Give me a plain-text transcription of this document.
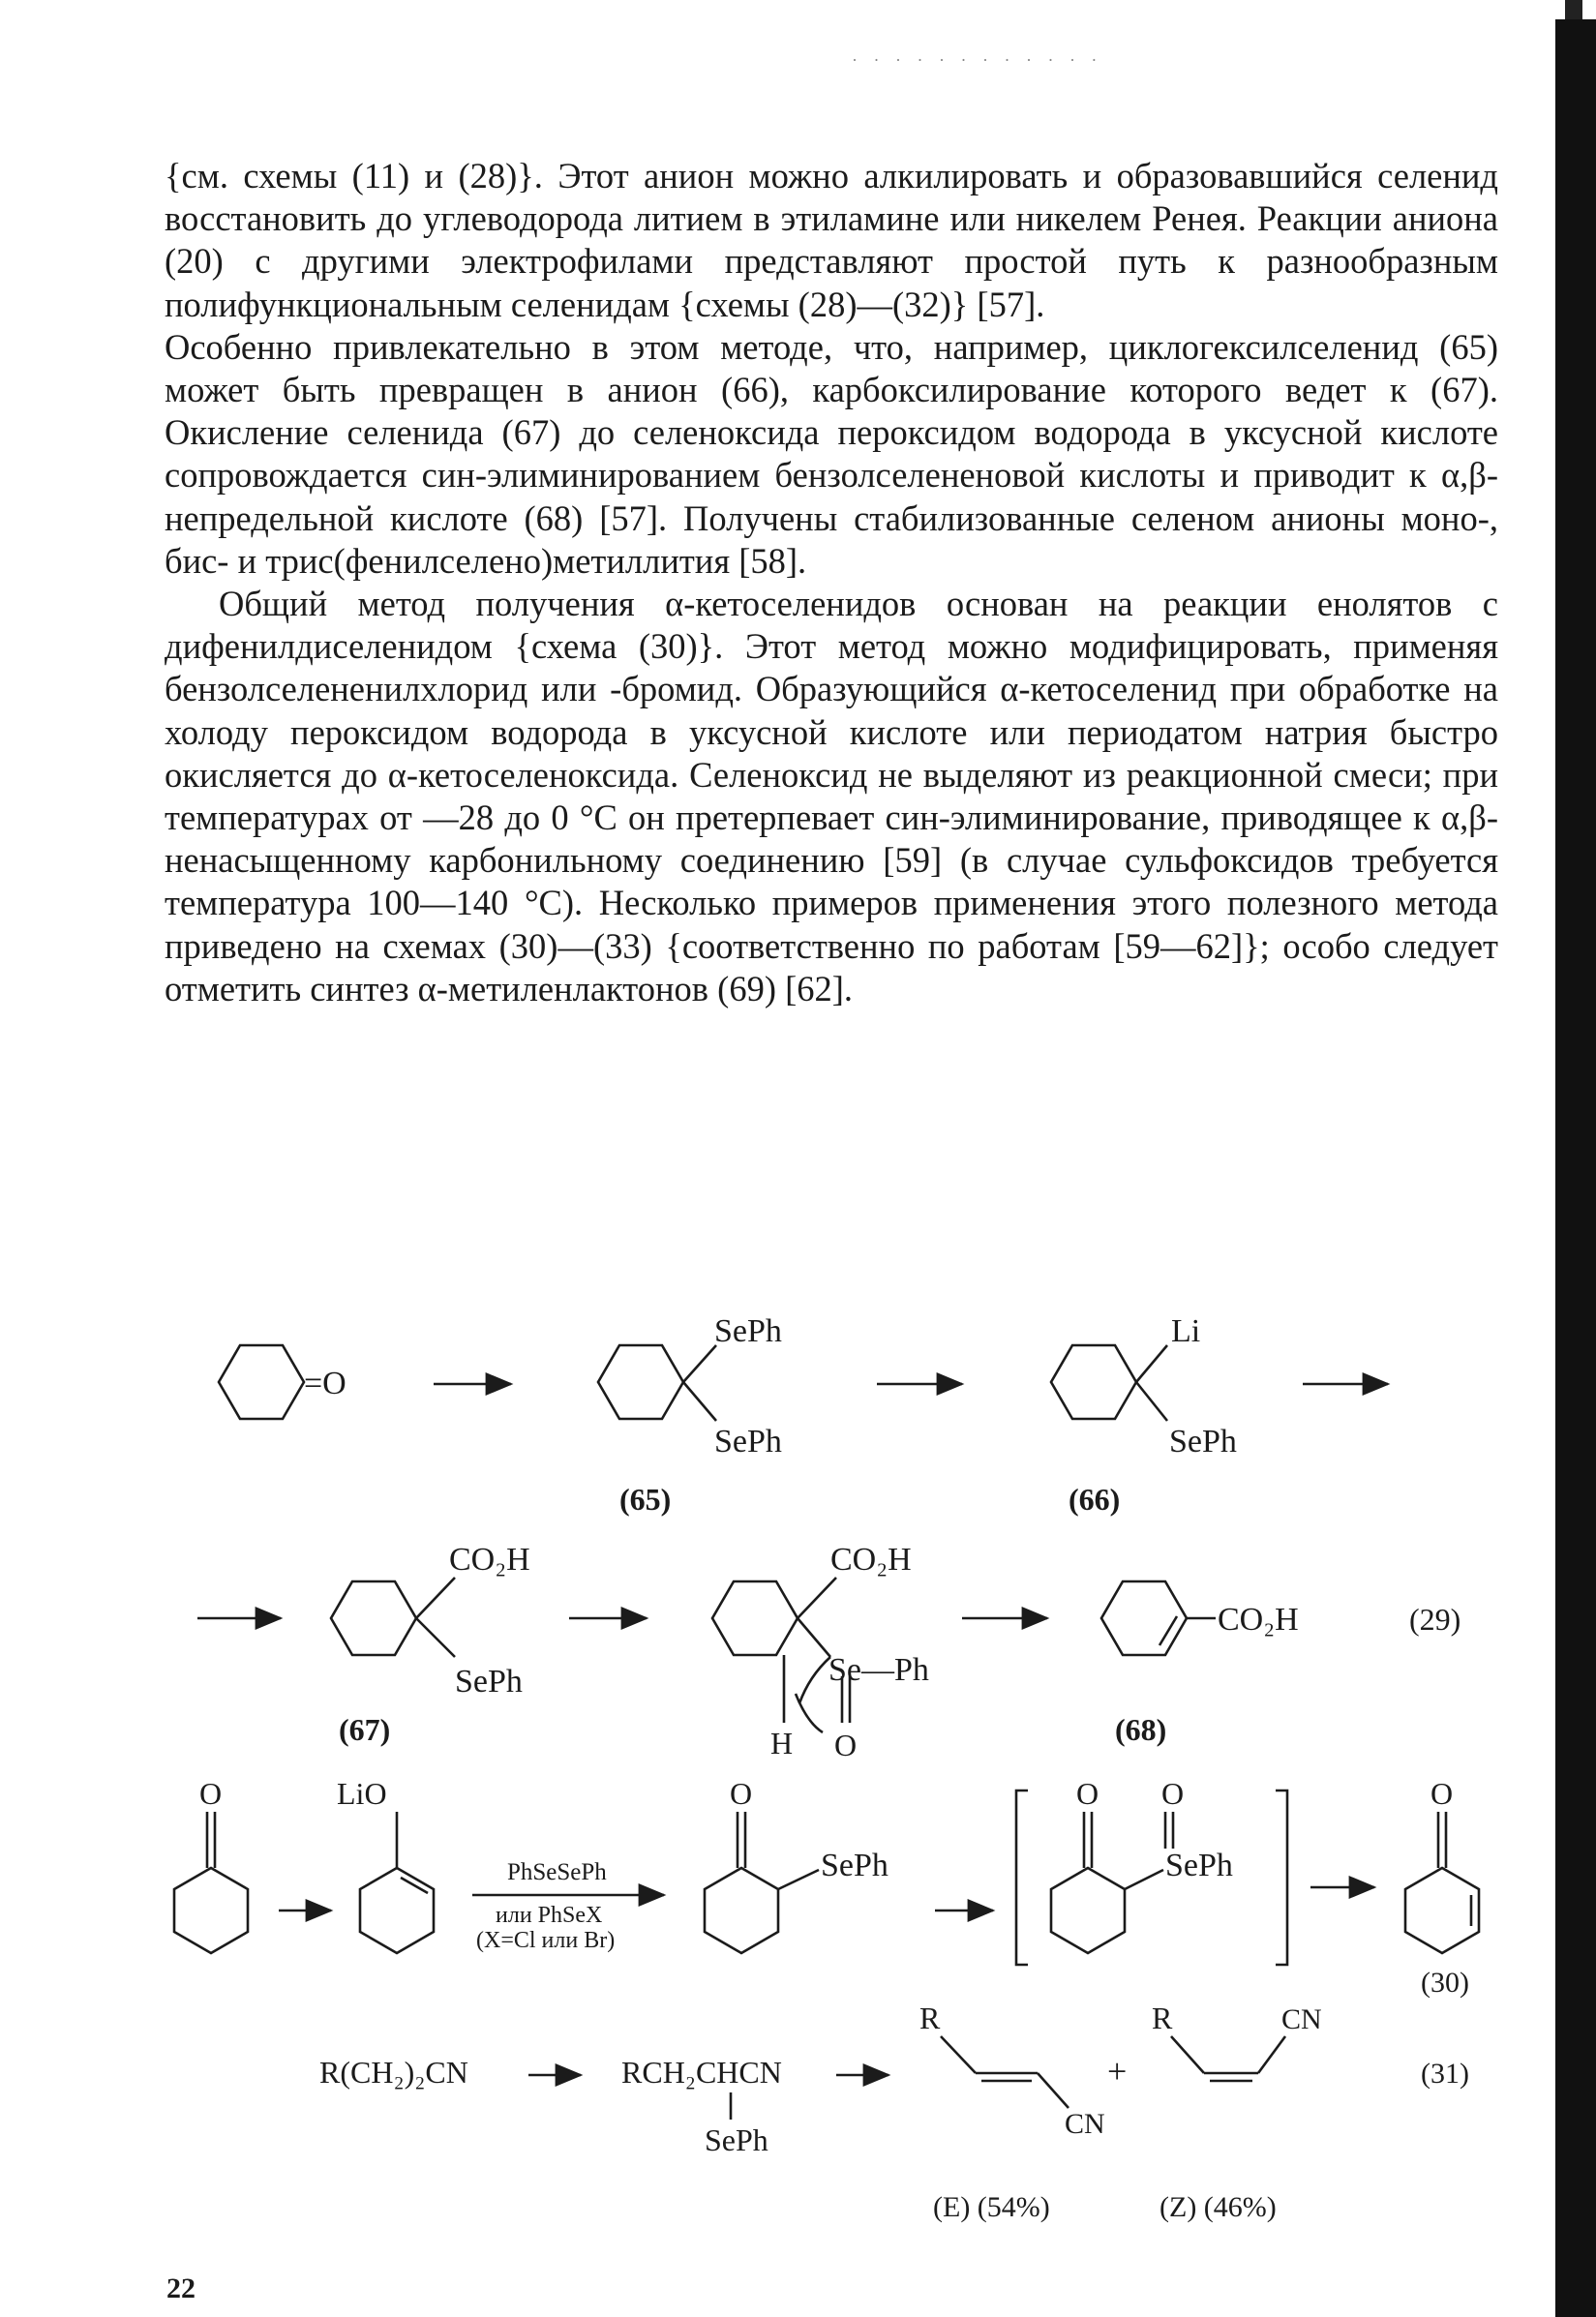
· · · · · · · · · · · ·

{см. схемы (11) и (28)}. Этот анион можно алкилировать и образовавшийся селенид восстановить до углеводорода литием в этиламине или никелем Ренея. Реакции аниона (20) с другими электрофилами представляют простой путь к разнообразным полифункциональным селенидам {схемы (28)—(32)} [57].

Особенно привлекательно в этом методе, что, например, циклогексилселенид (65) может быть превращен в анион (66), карбоксилирование которого ведет к (67). Окисление селенида (67) до селеноксида пероксидом водорода в уксусной кислоте сопровождается син-элиминированием бензолселененовой кислоты и приводит к α,β-непредельной кислоте (68) [57]. Получены стабилизованные селеном анионы моно-, бис- и трис(фенилселено)метиллития [58].

Общий метод получения α-кетоселенидов основан на реакции енолятов с дифенилдиселенидом {схема (30)}. Этот метод можно модифицировать, применяя бензолселененилхлорид или -бромид. Образующийся α-кетоселенид при обработке на холоду пероксидом водорода в уксусной кислоте или периодатом натрия быстро окисляется до α-кетоселеноксида. Селеноксид не выделяют из реакционной смеси; при температурах от —28 до 0 °С он претерпевает син-элиминирование, приводящее к α,β-ненасыщенному карбонильному соединению [59] (в случае сульфоксидов требуется температура 100—140 °С). Несколько примеров применения этого полезного метода приведено на схемах (30)—(33) {соответственно по работам [59—62]}; особо следует отметить синтез α-метиленлактонов (69) [62].

=O
SePh
SePh
(65)
Li
SePh
(66)
CO₂H
SePh
(67)
CO₂H
Se—Ph
H O
CO₂H
(68)
(29)
O	LiO
PhSeSePh
или PhSeX
(X=Cl или Br)
O
SePh
O O
SePh
O
(30)
R(CH₂)₂CN	RCH₂CHCN
SePh
R
CN
+
R	CN
(31)
(E) (54%)	(Z) (46%)
22
